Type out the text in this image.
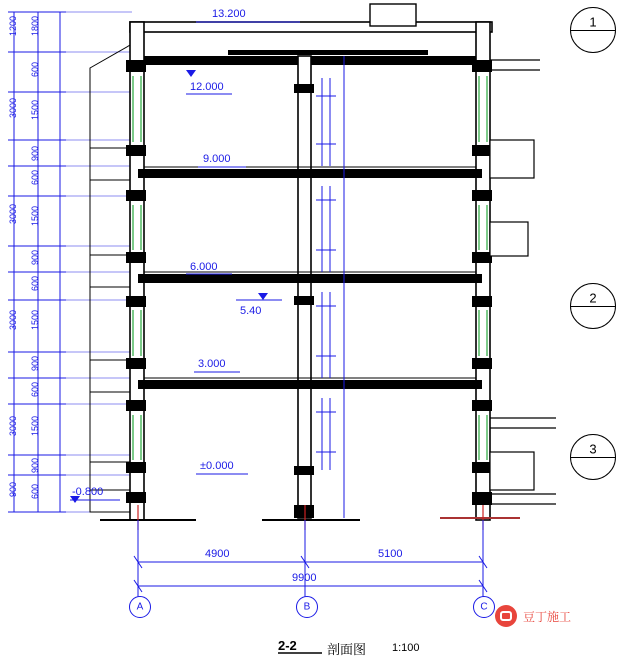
13.200
12.000
9.000
6.000
5.40
3.000
±0.000
-0.800
1200
3000
3000
3000
3000
900
1800
600
1500
900
600
1500
900
600
1500
900
600
1500
900
600
4900	5100
9900
A	B	C
1
2
3
2-2 剖面图 1:100
豆丁施工
